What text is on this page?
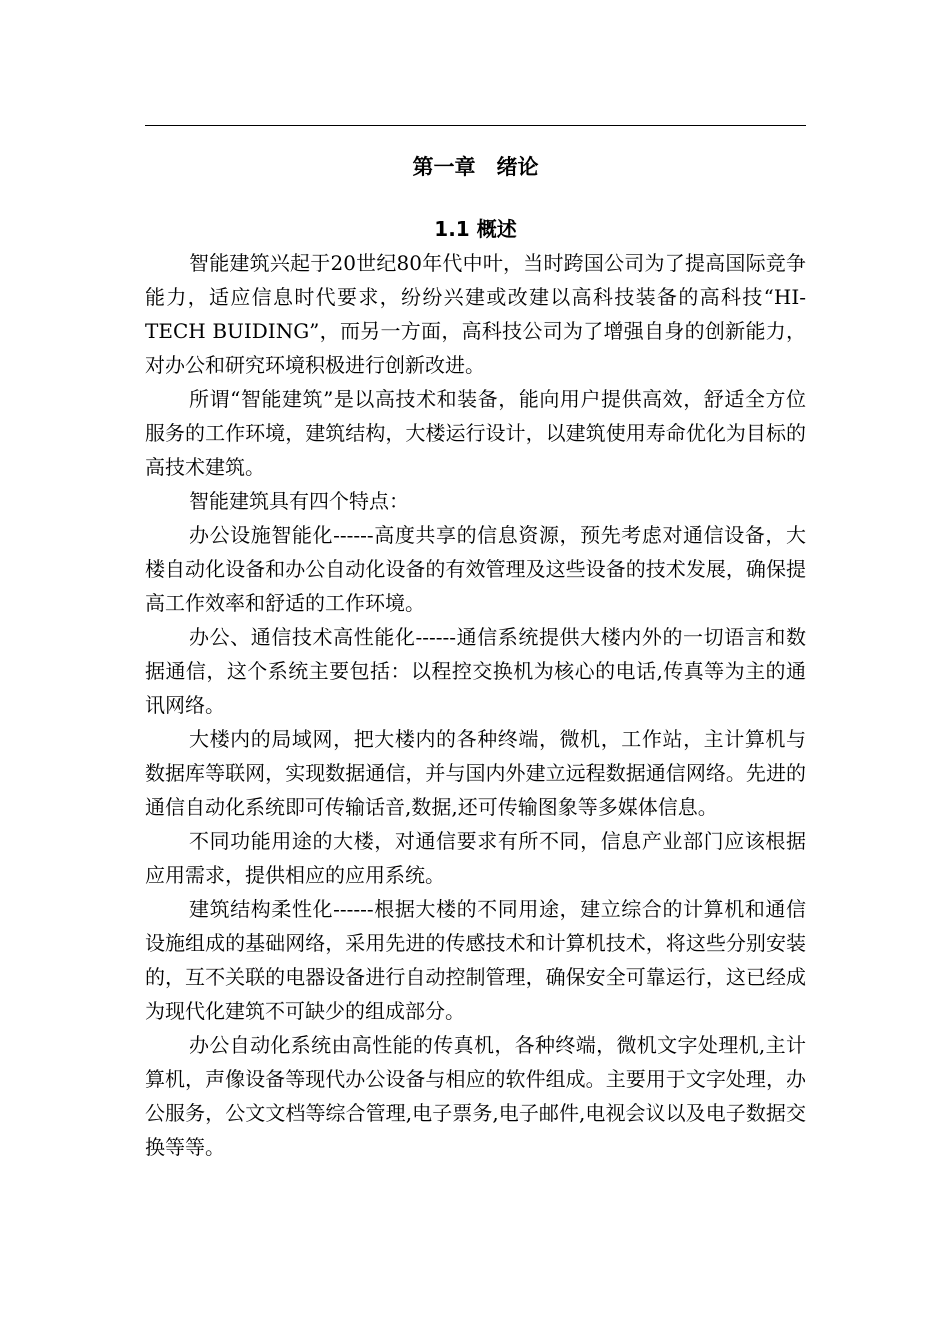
第一章　绪论
1.1 概述

智能建筑兴起于20世纪80年代中叶，当时跨国公司为了提高国际竞争能力，适应信息时代要求，纷纷兴建或改建以高科技装备的高科技“HI-TECH BUIDING”，而另一方面，高科技公司为了增强自身的创新能力，对办公和研究环境积极进行创新改进。

所谓“智能建筑”是以高技术和装备，能向用户提供高效，舒适全方位服务的工作环境，建筑结构，大楼运行设计，以建筑使用寿命优化为目标的高技术建筑。

智能建筑具有四个特点：

办公设施智能化------高度共享的信息资源，预先考虑对通信设备，大楼自动化设备和办公自动化设备的有效管理及这些设备的技术发展，确保提高工作效率和舒适的工作环境。

办公、通信技术高性能化------通信系统提供大楼内外的一切语言和数据通信，这个系统主要包括：以程控交换机为核心的电话,传真等为主的通讯网络。

大楼内的局域网，把大楼内的各种终端，微机，工作站，主计算机与数据库等联网，实现数据通信，并与国内外建立远程数据通信网络。先进的通信自动化系统即可传输话音,数据,还可传输图象等多媒体信息。

不同功能用途的大楼，对通信要求有所不同，信息产业部门应该根据应用需求，提供相应的应用系统。

建筑结构柔性化------根据大楼的不同用途，建立综合的计算机和通信设施组成的基础网络，采用先进的传感技术和计算机技术，将这些分别安装的，互不关联的电器设备进行自动控制管理，确保安全可靠运行，这已经成为现代化建筑不可缺少的组成部分。

办公自动化系统由高性能的传真机，各种终端，微机文字处理机,主计算机，声像设备等现代办公设备与相应的软件组成。主要用于文字处理，办公服务，公文文档等综合管理,电子票务,电子邮件,电视会议以及电子数据交换等等。
